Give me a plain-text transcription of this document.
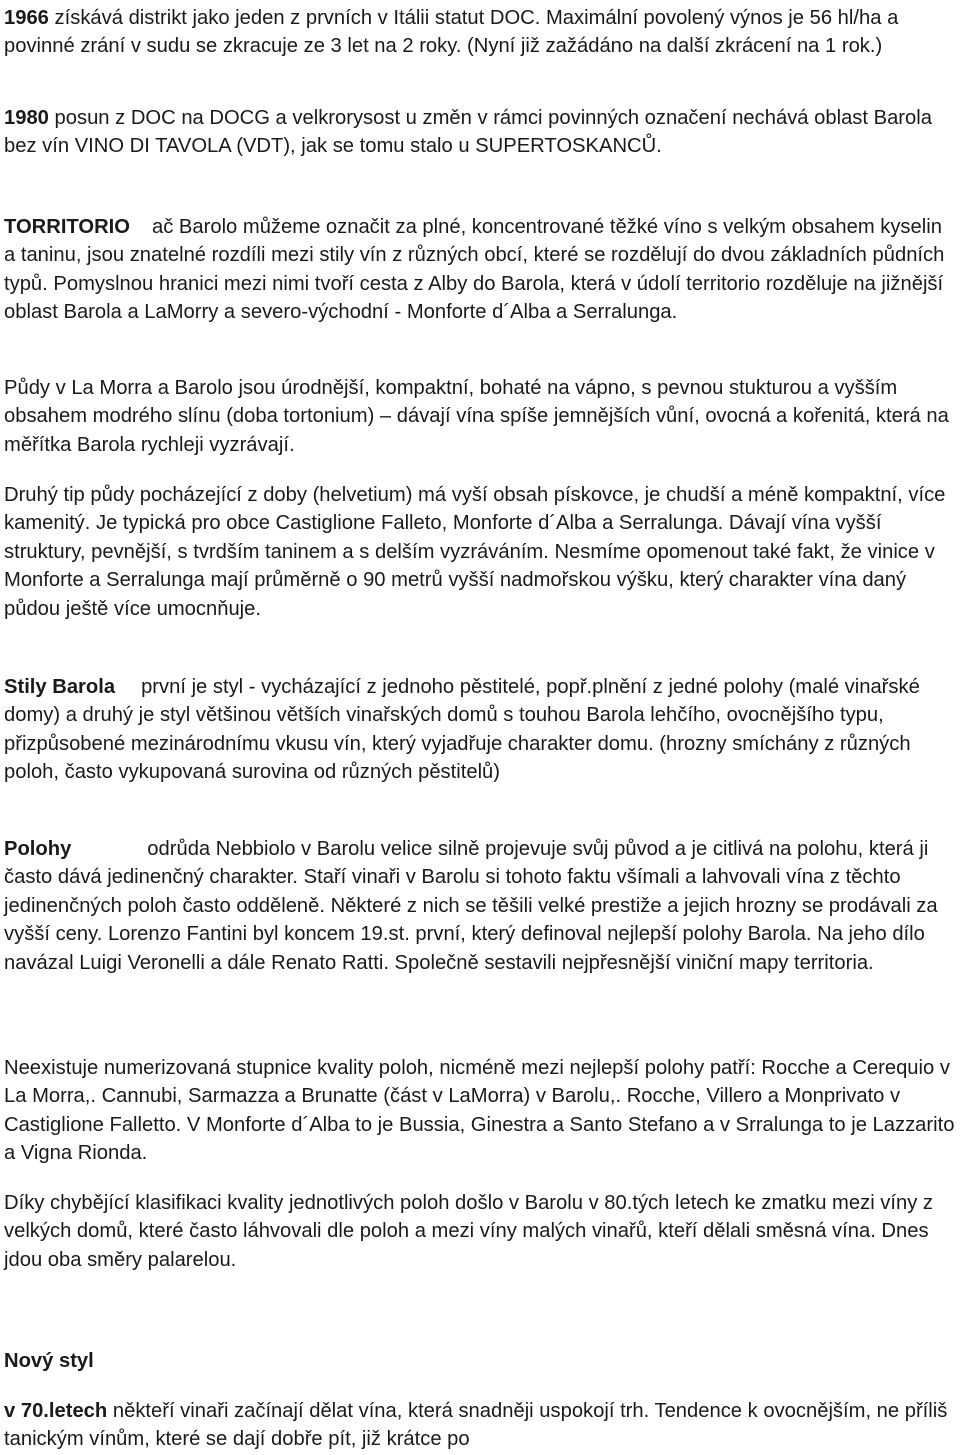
1966 získává distrikt jako jeden z prvních v Itálii statut DOC. Maximální povolený výnos je 56 hl/ha a povinné zrání v sudu se zkracuje ze 3 let na 2 roky. (Nyní již zažádáno na další zkrácení na 1 rok.)

1980 posun z DOC na DOCG a velkrorysost u změn v rámci povinných označení nechává oblast Barola bez vín VINO DI TAVOLA (VDT), jak se tomu stalo u SUPERTOSKANCŮ.

TORRITORIO ač Barolo můžeme označit za plné, koncentrované těžké víno s velkým obsahem kyselin a taninu, jsou znatelné rozdíli mezi stily vín z různých obcí, které se rozdělují do dvou základních půdních typů. Pomyslnou hranici mezi nimi tvoří cesta z Alby do Barola, která v údolí territorio rozděluje na jižnější oblast Barola a LaMorry a severo-východní - Monforte d´Alba a Serralunga.

Půdy v La Morra a Barolo jsou úrodnější, kompaktní, bohaté na vápno, s pevnou stukturou a vyšším obsahem modrého slínu (doba tortonium) – dávají vína spíše jemnějších vůní, ovocná a kořenitá, která na měřítka Barola rychleji vyzrávají.

Druhý tip půdy pocházející z doby (helvetium) má vyší obsah pískovce, je chudší a méně kompaktní, více kamenitý. Je typická pro obce Castiglione Falleto, Monforte d´Alba a Serralunga. Dávají vína vyšší struktury, pevnější, s tvrdším taninem a s delším vyzráváním. Nesmíme opomenout také fakt, že vinice v Monforte a Serralunga mají průměrně o 90 metrů vyšší nadmořskou výšku, který charakter vína daný půdou ještě více umocnňuje.

Stily Barola první je styl - vycházající z jednoho pěstitelé, popř.plnění z jedné polohy (malé vinařské domy) a druhý je styl většinou větších vinařských domů s touhou Barola lehčího, ovocnějšího typu, přizpůsobené mezinárodnímu vkusu vín, který vyjadřuje charakter domu. (hrozny smíchány z různých poloh, často vykupovaná surovina od různých pěstitelů)

Polohy	odrůda Nebbiolo v Barolu velice silně projevuje svůj původ a je citlivá na polohu, která ji často dává jedinenčný charakter. Staří vinaři v Barolu si tohoto faktu všímali a lahvovali vína z těchto jedinenčných poloh často odděleně. Některé z nich se těšili velké prestiže a jejich hrozny se prodávali za vyšší ceny. Lorenzo Fantini byl koncem 19.st. první, který definoval nejlepší polohy Barola. Na jeho dílo navázal Luigi Veronelli a dále Renato Ratti. Společně sestavili nejpřesnější viniční mapy territoria.

Neexistuje numerizovaná stupnice kvality poloh, nicméně mezi nejlepší polohy patří: Rocche a Cerequio v La Morra,. Cannubi, Sarmazza a Brunatte (část v LaMorra) v Barolu,. Rocche, Villero a Monprivato v Castiglione Falletto. V Monforte d´Alba to je Bussia, Ginestra a Santo Stefano a v Srralunga to je Lazzarito a Vigna Rionda.

Díky chybějící klasifikaci kvality jednotlivých poloh došlo v Barolu v 80.tých letech ke zmatku mezi víny z velkých domů, které často láhvovali dle poloh a mezi víny malých vinařů, kteří dělali směsná vína. Dnes jdou oba směry palarelou.

Nový styl

v 70.letech někteří vinaři začínají dělat vína, která snadněji uspokojí trh. Tendence k ovocnějším, ne příliš tanickým vínům, které se dají dobře pít, již krátce po
